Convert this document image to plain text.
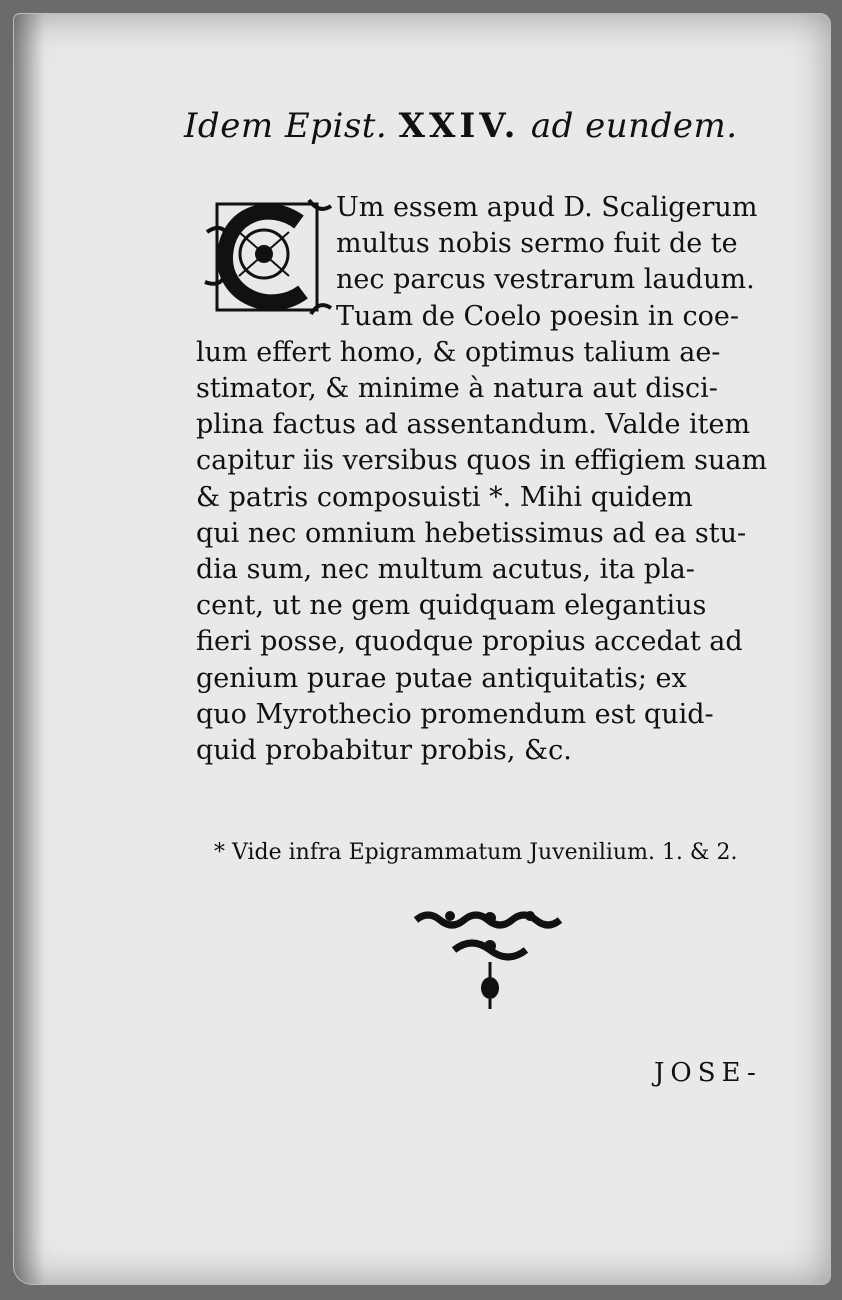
Idem Epist. XXIV. ad eundem.
Um essem apud D. Scaligerum
multus nobis sermo fuit de te
nec parcus vestrarum laudum.
Tuam de Coelo poesin in coe-
lum effert homo, & optimus talium ae-
stimator, & minime à natura aut disci-
plina factus ad assentandum. Valde item
capitur iis versibus quos in effigiem suam
& patris composuisti *. Mihi quidem
qui nec omnium hebetissimus ad ea stu-
dia sum, nec multum acutus, ita pla-
cent, ut ne gem quidquam elegantius
fieri posse, quodque propius accedat ad
genium purae putae antiquitatis; ex
quo Myrothecio promendum est quid-
quid probabitur probis, &c.
* Vide infra Epigrammatum Juvenilium. 1. & 2.
JOSE-
